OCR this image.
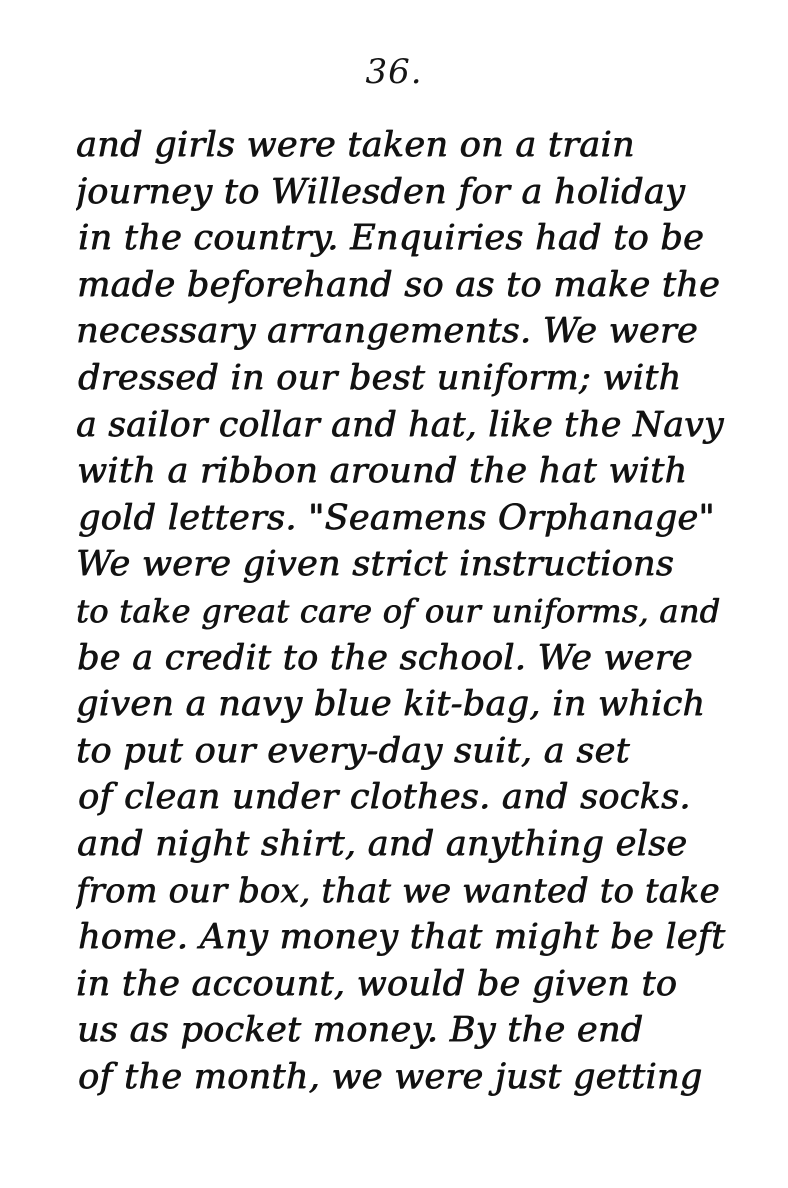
36.
and girls were taken on a train
journey to Willesden for a holiday
in the country. Enquiries had to be
made beforehand so as to make the
necessary arrangements. We were
dressed in our best uniform; with
a sailor collar and hat, like the Navy
with a ribbon around the hat with
gold letters. "Seamens Orphanage"
We were given strict instructions
to take great care of our uniforms, and
be a credit to the school. We were
given a navy blue kit-bag, in which
to put our every-day suit, a set
of clean under clothes. and socks.
and night shirt, and anything else
from our box, that we wanted to take
home. Any money that might be left
in the account, would be given to
us as pocket money. By the end
of the month, we were just getting
